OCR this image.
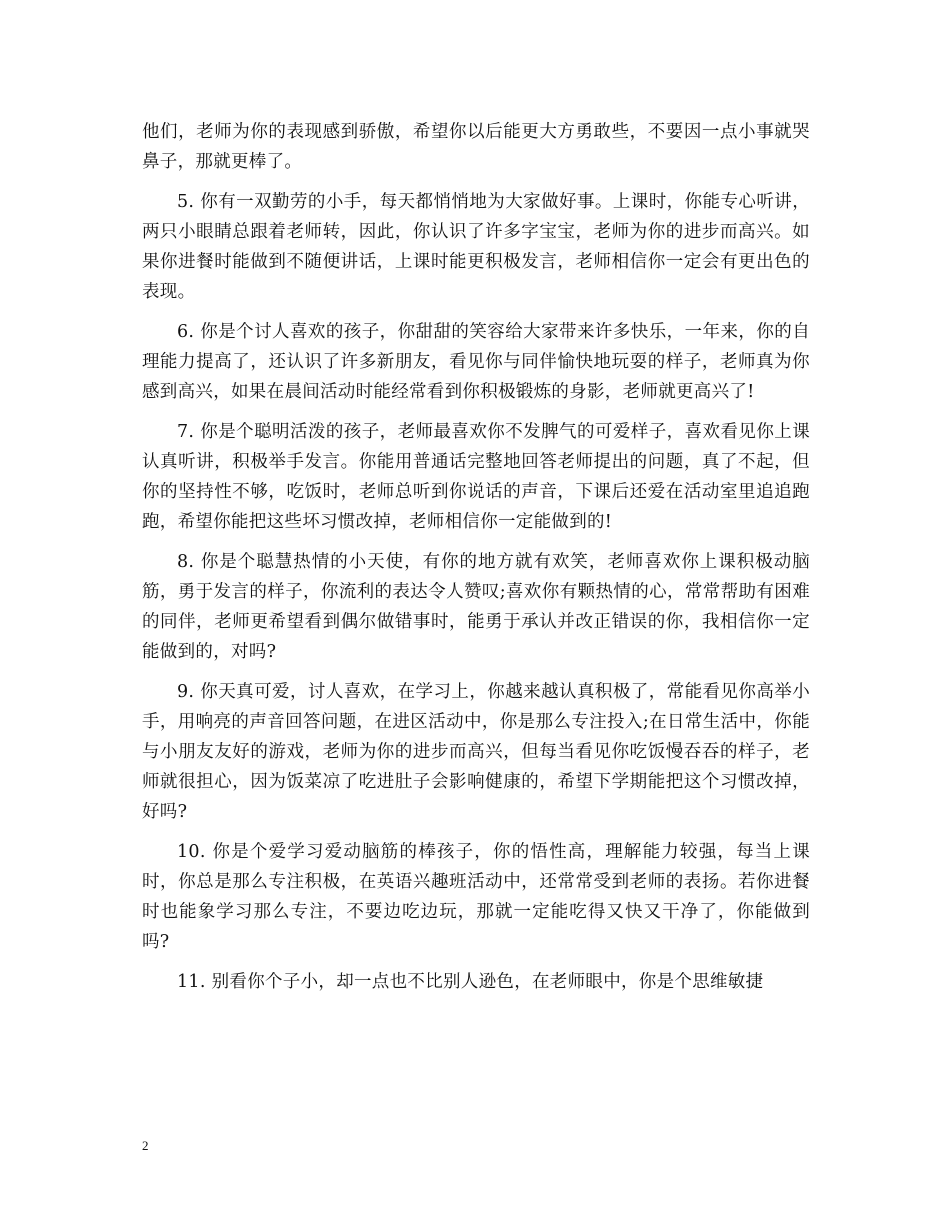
他们，老师为你的表现感到骄傲，希望你以后能更大方勇敢些，不要因一点小事就哭鼻子，那就更棒了。

5. 你有一双勤劳的小手，每天都悄悄地为大家做好事。上课时，你能专心听讲，两只小眼睛总跟着老师转，因此，你认识了许多字宝宝，老师为你的进步而高兴。如果你进餐时能做到不随便讲话，上课时能更积极发言，老师相信你一定会有更出色的表现。

6. 你是个讨人喜欢的孩子，你甜甜的笑容给大家带来许多快乐，一年来，你的自理能力提高了，还认识了许多新朋友，看见你与同伴愉快地玩耍的样子，老师真为你感到高兴，如果在晨间活动时能经常看到你积极锻炼的身影，老师就更高兴了!

7. 你是个聪明活泼的孩子，老师最喜欢你不发脾气的可爱样子，喜欢看见你上课认真听讲，积极举手发言。你能用普通话完整地回答老师提出的问题，真了不起，但你的坚持性不够，吃饭时，老师总听到你说话的声音，下课后还爱在活动室里追追跑跑，希望你能把这些坏习惯改掉，老师相信你一定能做到的!

8. 你是个聪慧热情的小天使，有你的地方就有欢笑，老师喜欢你上课积极动脑筋，勇于发言的样子，你流利的表达令人赞叹;喜欢你有颗热情的心，常常帮助有困难的同伴，老师更希望看到偶尔做错事时，能勇于承认并改正错误的你，我相信你一定能做到的，对吗?

9. 你天真可爱，讨人喜欢，在学习上，你越来越认真积极了，常能看见你高举小手，用响亮的声音回答问题，在进区活动中，你是那么专注投入;在日常生活中，你能与小朋友友好的游戏，老师为你的进步而高兴，但每当看见你吃饭慢吞吞的样子，老师就很担心，因为饭菜凉了吃进肚子会影响健康的，希望下学期能把这个习惯改掉，好吗?

10. 你是个爱学习爱动脑筋的棒孩子，你的悟性高，理解能力较强，每当上课时，你总是那么专注积极，在英语兴趣班活动中，还常常受到老师的表扬。若你进餐时也能象学习那么专注，不要边吃边玩，那就一定能吃得又快又干净了，你能做到吗?

11. 别看你个子小，却一点也不比别人逊色，在老师眼中，你是个思维敏捷

2
